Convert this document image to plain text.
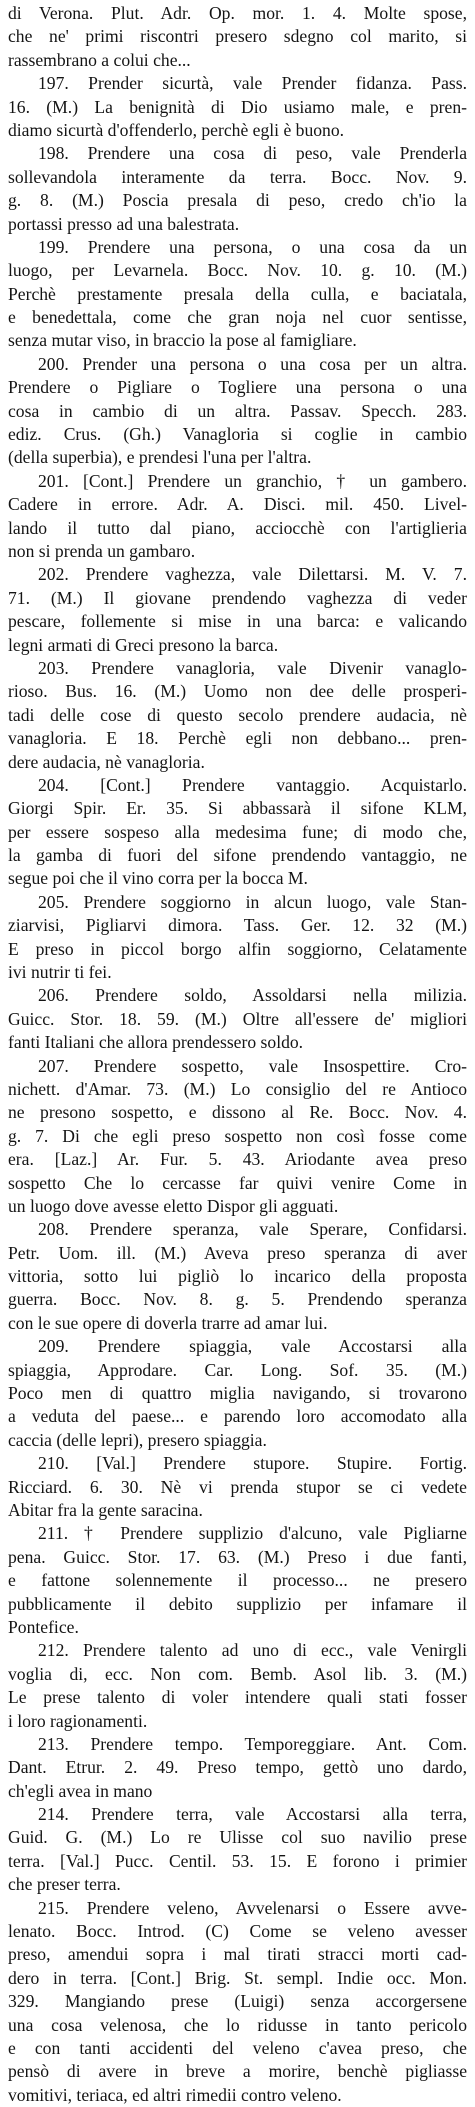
di Verona. Plut. Adr. Op. mor. 1. 4. Molte spose,
che ne' primi riscontri presero sdegno col marito, si
rassembrano a colui che...
197. Prender sicurtà, vale Prender fidanza. Pass.
16. (M.) La benignità di Dio usiamo male, e pren-
diamo sicurtà d'offenderlo, perchè egli è buono.
198. Prendere una cosa di peso, vale Prenderla
sollevandola interamente da terra. Bocc. Nov. 9.
g. 8. (M.) Poscia presala di peso, credo ch'io la
portassi presso ad una balestrata.
199. Prendere una persona, o una cosa da un
luogo, per Levarnela. Bocc. Nov. 10. g. 10. (M.)
Perchè prestamente presala della culla, e baciatala,
e benedettala, come che gran noja nel cuor sentisse,
senza mutar viso, in braccio la pose al famigliare.
200. Prender una persona o una cosa per un altra.
Prendere o Pigliare o Togliere una persona o una
cosa in cambio di un altra. Passav. Specch. 283.
ediz. Crus. (Gh.) Vanagloria si coglie in cambio
(della superbia), e prendesi l'una per l'altra.
201. [Cont.] Prendere un granchio, † un gambero.
Cadere in errore. Adr. A. Disci. mil. 450. Livel-
lando il tutto dal piano, acciocchè con l'artiglieria
non si prenda un gambaro.
202. Prendere vaghezza, vale Dilettarsi. M. V. 7.
71. (M.) Il giovane prendendo vaghezza di veder
pescare, follemente si mise in una barca: e valicando
legni armati di Greci presono la barca.
203. Prendere vanagloria, vale Divenir vanaglo-
rioso. Bus. 16. (M.) Uomo non dee delle prosperi-
tadi delle cose di questo secolo prendere audacia, nè
vanagloria. E 18. Perchè egli non debbano... pren-
dere audacia, nè vanagloria.
204. [Cont.] Prendere vantaggio. Acquistarlo.
Giorgi Spir. Er. 35. Si abbassarà il sifone KLM,
per essere sospeso alla medesima fune; di modo che,
la gamba di fuori del sifone prendendo vantaggio, ne
segue poi che il vino corra per la bocca M.
205. Prendere soggiorno in alcun luogo, vale Stan-
ziarvisi, Pigliarvi dimora. Tass. Ger. 12. 32 (M.)
E preso in piccol borgo alfin soggiorno, Celatamente
ivi nutrir ti fei.
206. Prendere soldo, Assoldarsi nella milizia.
Guicc. Stor. 18. 59. (M.) Oltre all'essere de' migliori
fanti Italiani che allora prendessero soldo.
207. Prendere sospetto, vale Insospettire. Cro-
nichett. d'Amar. 73. (M.) Lo consiglio del re Antioco
ne presono sospetto, e dissono al Re. Bocc. Nov. 4.
g. 7. Di che egli preso sospetto non così fosse come
era. [Laz.] Ar. Fur. 5. 43. Ariodante avea preso
sospetto Che lo cercasse far quivi venire Come in
un luogo dove avesse eletto Dispor gli agguati.
208. Prendere speranza, vale Sperare, Confidarsi.
Petr. Uom. ill. (M.) Aveva preso speranza di aver
vittoria, sotto lui pigliò lo incarico della proposta
guerra. Bocc. Nov. 8. g. 5. Prendendo speranza
con le sue opere di doverla trarre ad amar lui.
209. Prendere spiaggia, vale Accostarsi alla
spiaggia, Approdare. Car. Long. Sof. 35. (M.)
Poco men di quattro miglia navigando, si trovarono
a veduta del paese... e parendo loro accomodato alla
caccia (delle lepri), presero spiaggia.
210. [Val.] Prendere stupore. Stupire. Fortig.
Ricciard. 6. 30. Nè vi prenda stupor se ci vedete
Abitar fra la gente saracina.
211. † Prendere supplizio d'alcuno, vale Pigliarne
pena. Guicc. Stor. 17. 63. (M.) Preso i due fanti,
e fattone solennemente il processo... ne presero
pubblicamente il debito supplizio per infamare il
Pontefice.
212. Prendere talento ad uno di ecc., vale Venirgli
voglia di, ecc. Non com. Bemb. Asol lib. 3. (M.)
Le prese talento di voler intendere quali stati fosser
i loro ragionamenti.
213. Prendere tempo. Temporeggiare. Ant. Com.
Dant. Etrur. 2. 49. Preso tempo, gettò uno dardo,
ch'egli avea in mano
214. Prendere terra, vale Accostarsi alla terra,
Guid. G. (M.) Lo re Ulisse col suo navilio prese
terra. [Val.] Pucc. Centil. 53. 15. E forono i primier
che preser terra.
215. Prendere veleno, Avvelenarsi o Essere avve-
lenato. Bocc. Introd. (C) Come se veleno avesser
preso, amendui sopra i mal tirati stracci morti cad-
dero in terra. [Cont.] Brig. St. sempl. Indie occ. Mon.
329. Mangiando prese (Luigi) senza accorgersene
una cosa velenosa, che lo ridusse in tanto pericolo
e con tanti accidenti del veleno c'avea preso, che
pensò di avere in breve a morire, benchè pigliasse
vomitivi, teriaca, ed altri rimedii contro veleno.
